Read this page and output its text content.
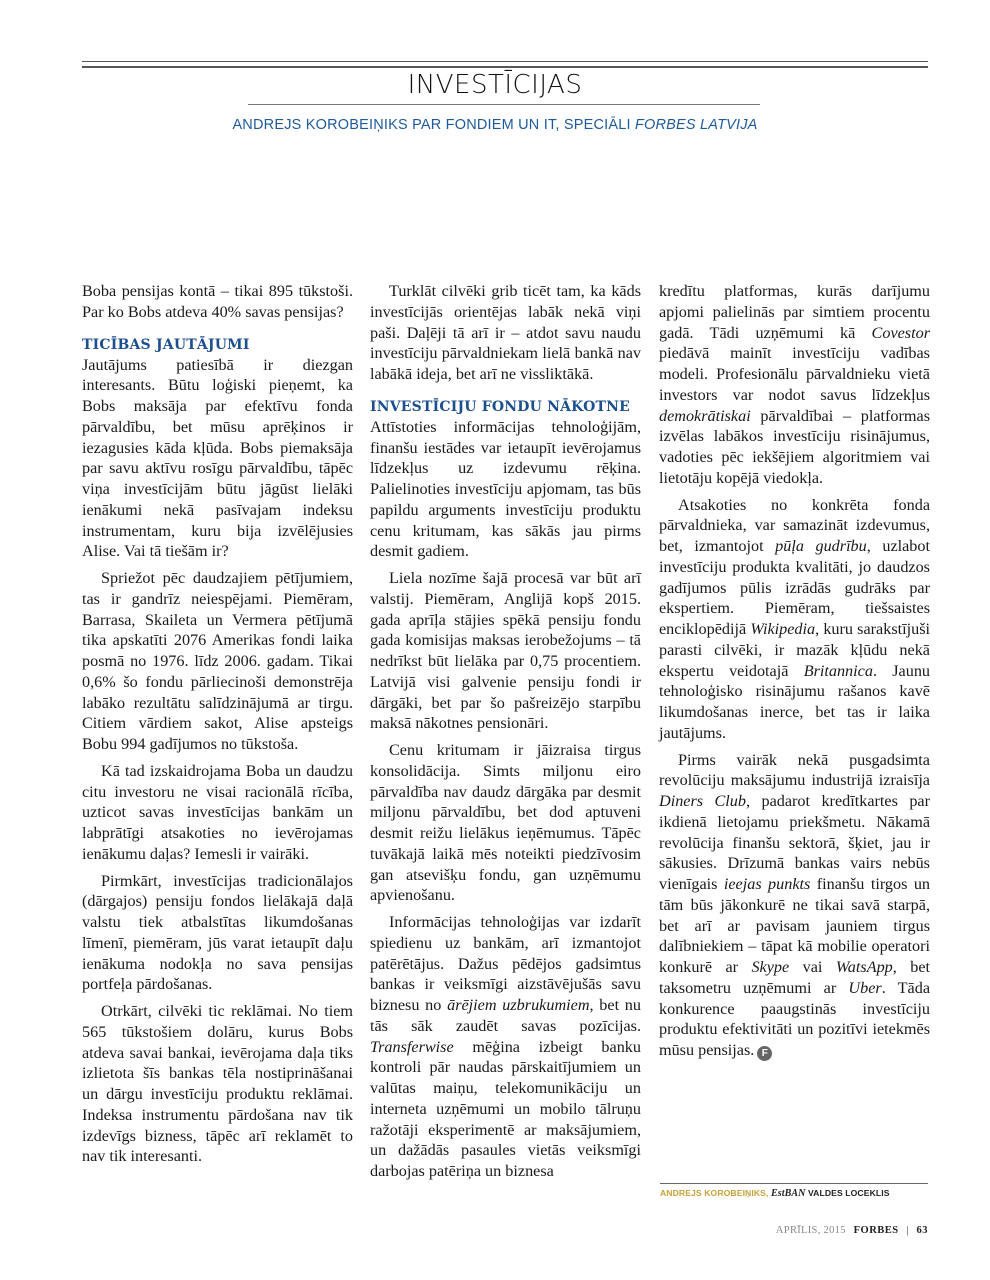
INVESTĪCIJAS
ANDREJS KOROBEIŅIKS PAR FONDIEM UN IT, SPECIĀLI FORBES LATVIJA

Boba pensijas kontā – tikai 895 tūkstoši. Par ko Bobs atdeva 40% savas pensijas?

TICĪBAS JAUTĀJUMI

Jautājums patiesībā ir diezgan interesants. Būtu loģiski pieņemt, ka Bobs maksāja par efektīvu fonda pārvaldību, bet mūsu aprēķinos ir iezagusies kāda kļūda. Bobs piemaksāja par savu aktīvu rosīgu pārvaldību, tāpēc viņa investīcijām būtu jāgūst lielāki ienākumi nekā pasīvajam indeksu instrumentam, kuru bija izvēlējusies Alise. Vai tā tiešām ir?

Spriežot pēc daudzajiem pētījumiem, tas ir gandrīz neiespējami. Piemēram, Barrasa, Skaileta un Vermera pētījumā tika apskatīti 2076 Amerikas fondi laika posmā no 1976. līdz 2006. gadam. Tikai 0,6% šo fondu pārliecinoši demonstrēja labāko rezultātu salīdzinājumā ar tirgu. Citiem vārdiem sakot, Alise apsteigs Bobu 994 gadījumos no tūkstoša.

Kā tad izskaidrojama Boba un daudzu citu investoru ne visai racionālā rīcība, uzticot savas investīcijas bankām un labprātīgi atsakoties no ievērojamas ienākumu daļas? Iemesli ir vairāki.

Pirmkārt, investīcijas tradicionālajos (dārgajos) pensiju fondos lielākajā daļā valstu tiek atbalstītas likumdošanas līmenī, piemēram, jūs varat ietaupīt daļu ienākuma nodokļa no sava pensijas portfeļa pārdošanas.

Otrkārt, cilvēki tic reklāmai. No tiem 565 tūkstošiem dolāru, kurus Bobs atdeva savai bankai, ievērojama daļa tiks izlietota šīs bankas tēla nostiprināšanai un dārgu investīciju produktu reklāmai. Indeksa instrumentu pārdošana nav tik izdevīgs bizness, tāpēc arī reklamēt to nav tik interesanti.

Turklāt cilvēki grib ticēt tam, ka kāds investīcijās orientējas labāk nekā viņi paši. Daļēji tā arī ir – atdot savu naudu investīciju pārvaldniekam lielā bankā nav labākā ideja, bet arī ne vissliktākā.

INVESTĪCIJU FONDU NĀKOTNE

Attīstoties informācijas tehnoloģijām, finanšu iestādes var ietaupīt ievērojamus līdzekļus uz izdevumu rēķina. Palielinoties investīciju apjomam, tas būs papildu arguments investīciju produktu cenu kritumam, kas sākās jau pirms desmit gadiem.

Liela nozīme šajā procesā var būt arī valstij. Piemēram, Anglijā kopš 2015. gada aprīļa stājies spēkā pensiju fondu gada komisijas maksas ierobežojums – tā nedrīkst būt lielāka par 0,75 procentiem. Latvijā visi galvenie pensiju fondi ir dārgāki, bet par šo pašreizējo starpību maksā nākotnes pensionāri.

Cenu kritumam ir jāizraisa tirgus konsolidācija. Simts miljonu eiro pārvaldība nav daudz dārgāka par desmit miljonu pārvaldību, bet dod aptuveni desmit reižu lielākus ieņēmumus. Tāpēc tuvākajā laikā mēs noteikti piedzīvosim gan atsevišķu fondu, gan uzņēmumu apvienošanu.

Informācijas tehnoloģijas var izdarīt spiedienu uz bankām, arī izmantojot patērētājus. Dažus pēdējos gadsimtus bankas ir veiksmīgi aizstāvējušās savu biznesu no ārējiem uzbrukumiem, bet nu tās sāk zaudēt savas pozīcijas. Transferwise mēģina izbeigt banku kontroli pār naudas pārskaitījumiem un valūtas maiņu, telekomunikāciju un interneta uzņēmumi un mobilo tālruņu ražotāji eksperimentē ar maksājumiem, un dažādās pasaules vietās veiksmīgi darbojas patēriņa un biznesa

kredītu platformas, kurās darījumu apjomi palielinās par simtiem procentu gadā. Tādi uzņēmumi kā Covestor piedāvā mainīt investīciju vadības modeli. Profesionālu pārvaldnieku vietā investors var nodot savus līdzekļus demokrātiskai pārvaldībai – platformas izvēlas labākos investīciju risinājumus, vadoties pēc iekšējiem algoritmiem vai lietotāju kopējā viedokļa.

Atsakoties no konkrēta fonda pārvaldnieka, var samazināt izdevumus, bet, izmantojot pūļa gudrību, uzlabot investīciju produkta kvalitāti, jo daudzos gadījumos pūlis izrādās gudrāks par ekspertiem. Piemēram, tiešsaistes enciklopēdijā Wikipedia, kuru sarakstījuši parasti cilvēki, ir mazāk kļūdu nekā ekspertu veidotajā Britannica. Jaunu tehnoloģisko risinājumu rašanos kavē likumdošanas inerce, bet tas ir laika jautājums.

Pirms vairāk nekā pusgadsimta revolūciju maksājumu industrijā izraisīja Diners Club, padarot kredītkartes par ikdienā lietojamu priekšmetu. Nākamā revolūcija finanšu sektorā, šķiet, jau ir sākusies. Drīzumā bankas vairs nebūs vienīgais ieejas punkts finanšu tirgos un tām būs jākonkurē ne tikai savā starpā, bet arī ar pavisam jauniem tirgus dalībniekiem – tāpat kā mobilie operatori konkurē ar Skype vai WatsApp, bet taksometru uzņēmumi ar Uber. Tāda konkurence paaugstinās investīciju produktu efektivitāti un pozitīvi ietekmēs mūsu pensijas. F

ANDREJS KOROBEIŅIKS, EstBAN VALDES LOCEKLIS
APRĪLIS, 2015 FORBES | 63
